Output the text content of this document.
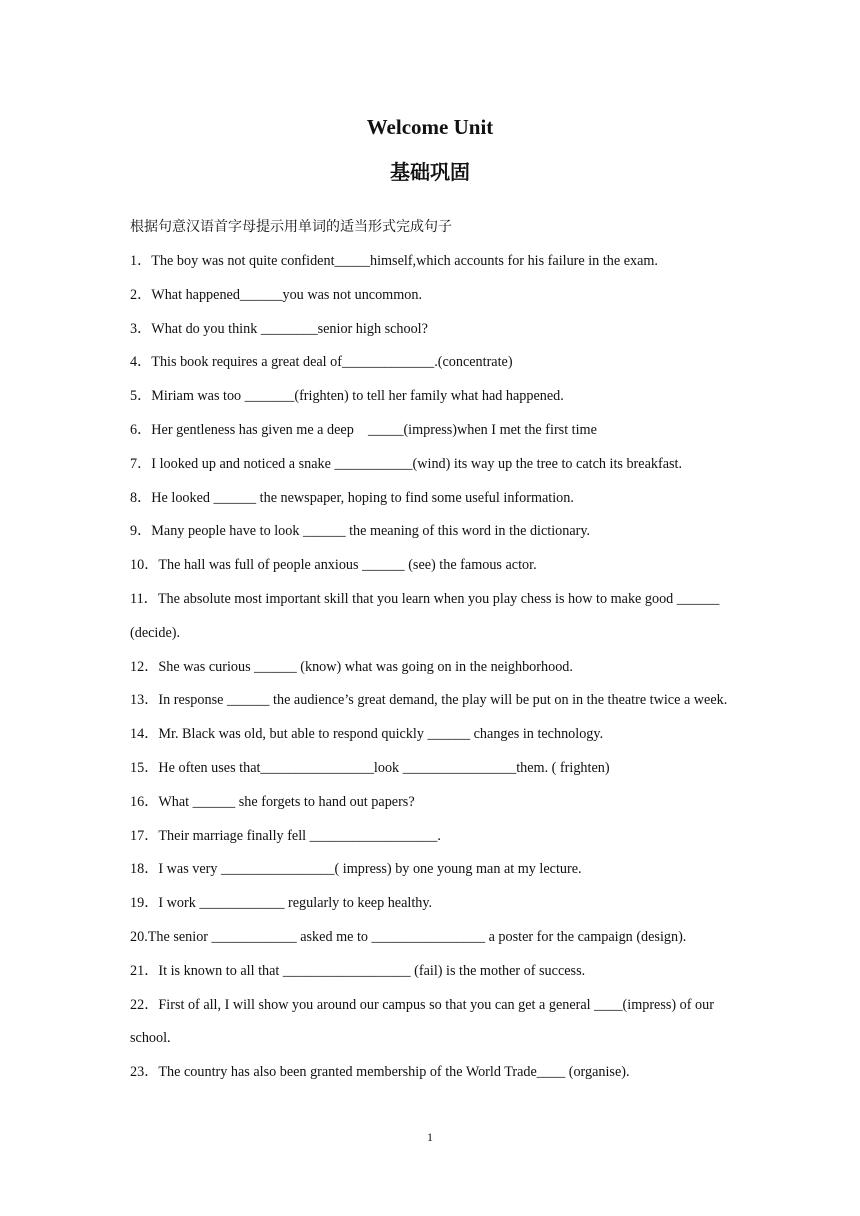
Welcome Unit
基础巩固

根据句意汉语首字母提示用单词的适当形式完成句子

1．The boy was not quite confident_____himself,which accounts for his failure in the exam.
2．What happened______you was not uncommon.
3．What do you think ________senior high school?
4．This book requires a great deal of_____________.(concentrate)
5．Miriam was too _______(frighten) to tell her family what had happened.
6．Her gentleness has given me a deep    _____(impress)when I met the first time
7．I looked up and noticed a snake ___________(wind) its way up the tree to catch its breakfast.
8．He looked ______ the newspaper, hoping to find some useful information.
9．Many people have to look ______ the meaning of this word in the dictionary.
10．The hall was full of people anxious ______ (see) the famous actor.
11．The absolute most important skill that you learn when you play chess is how to make good ______ (decide).
12．She was curious ______ (know) what was going on in the neighborhood.
13．In response ______ the audience’s great demand, the play will be put on in the theatre twice a week.
14．Mr. Black was old, but able to respond quickly ______ changes in technology.
15．He often uses that________________look ________________them. ( frighten)
16．What ______ she forgets to hand out papers?
17．Their marriage finally fell __________________.
18．I was very ________________( impress) by one young man at my lecture.
19．I work ____________ regularly to keep healthy.
20.The senior ____________ asked me to ________________ a poster for the campaign (design).
21．It is known to all that __________________ (fail) is the mother of success.
22．First of all, I will show you around our campus so that you can get a general ____(impress) of our school.
23．The country has also been granted membership of the World Trade____ (organise).
1
